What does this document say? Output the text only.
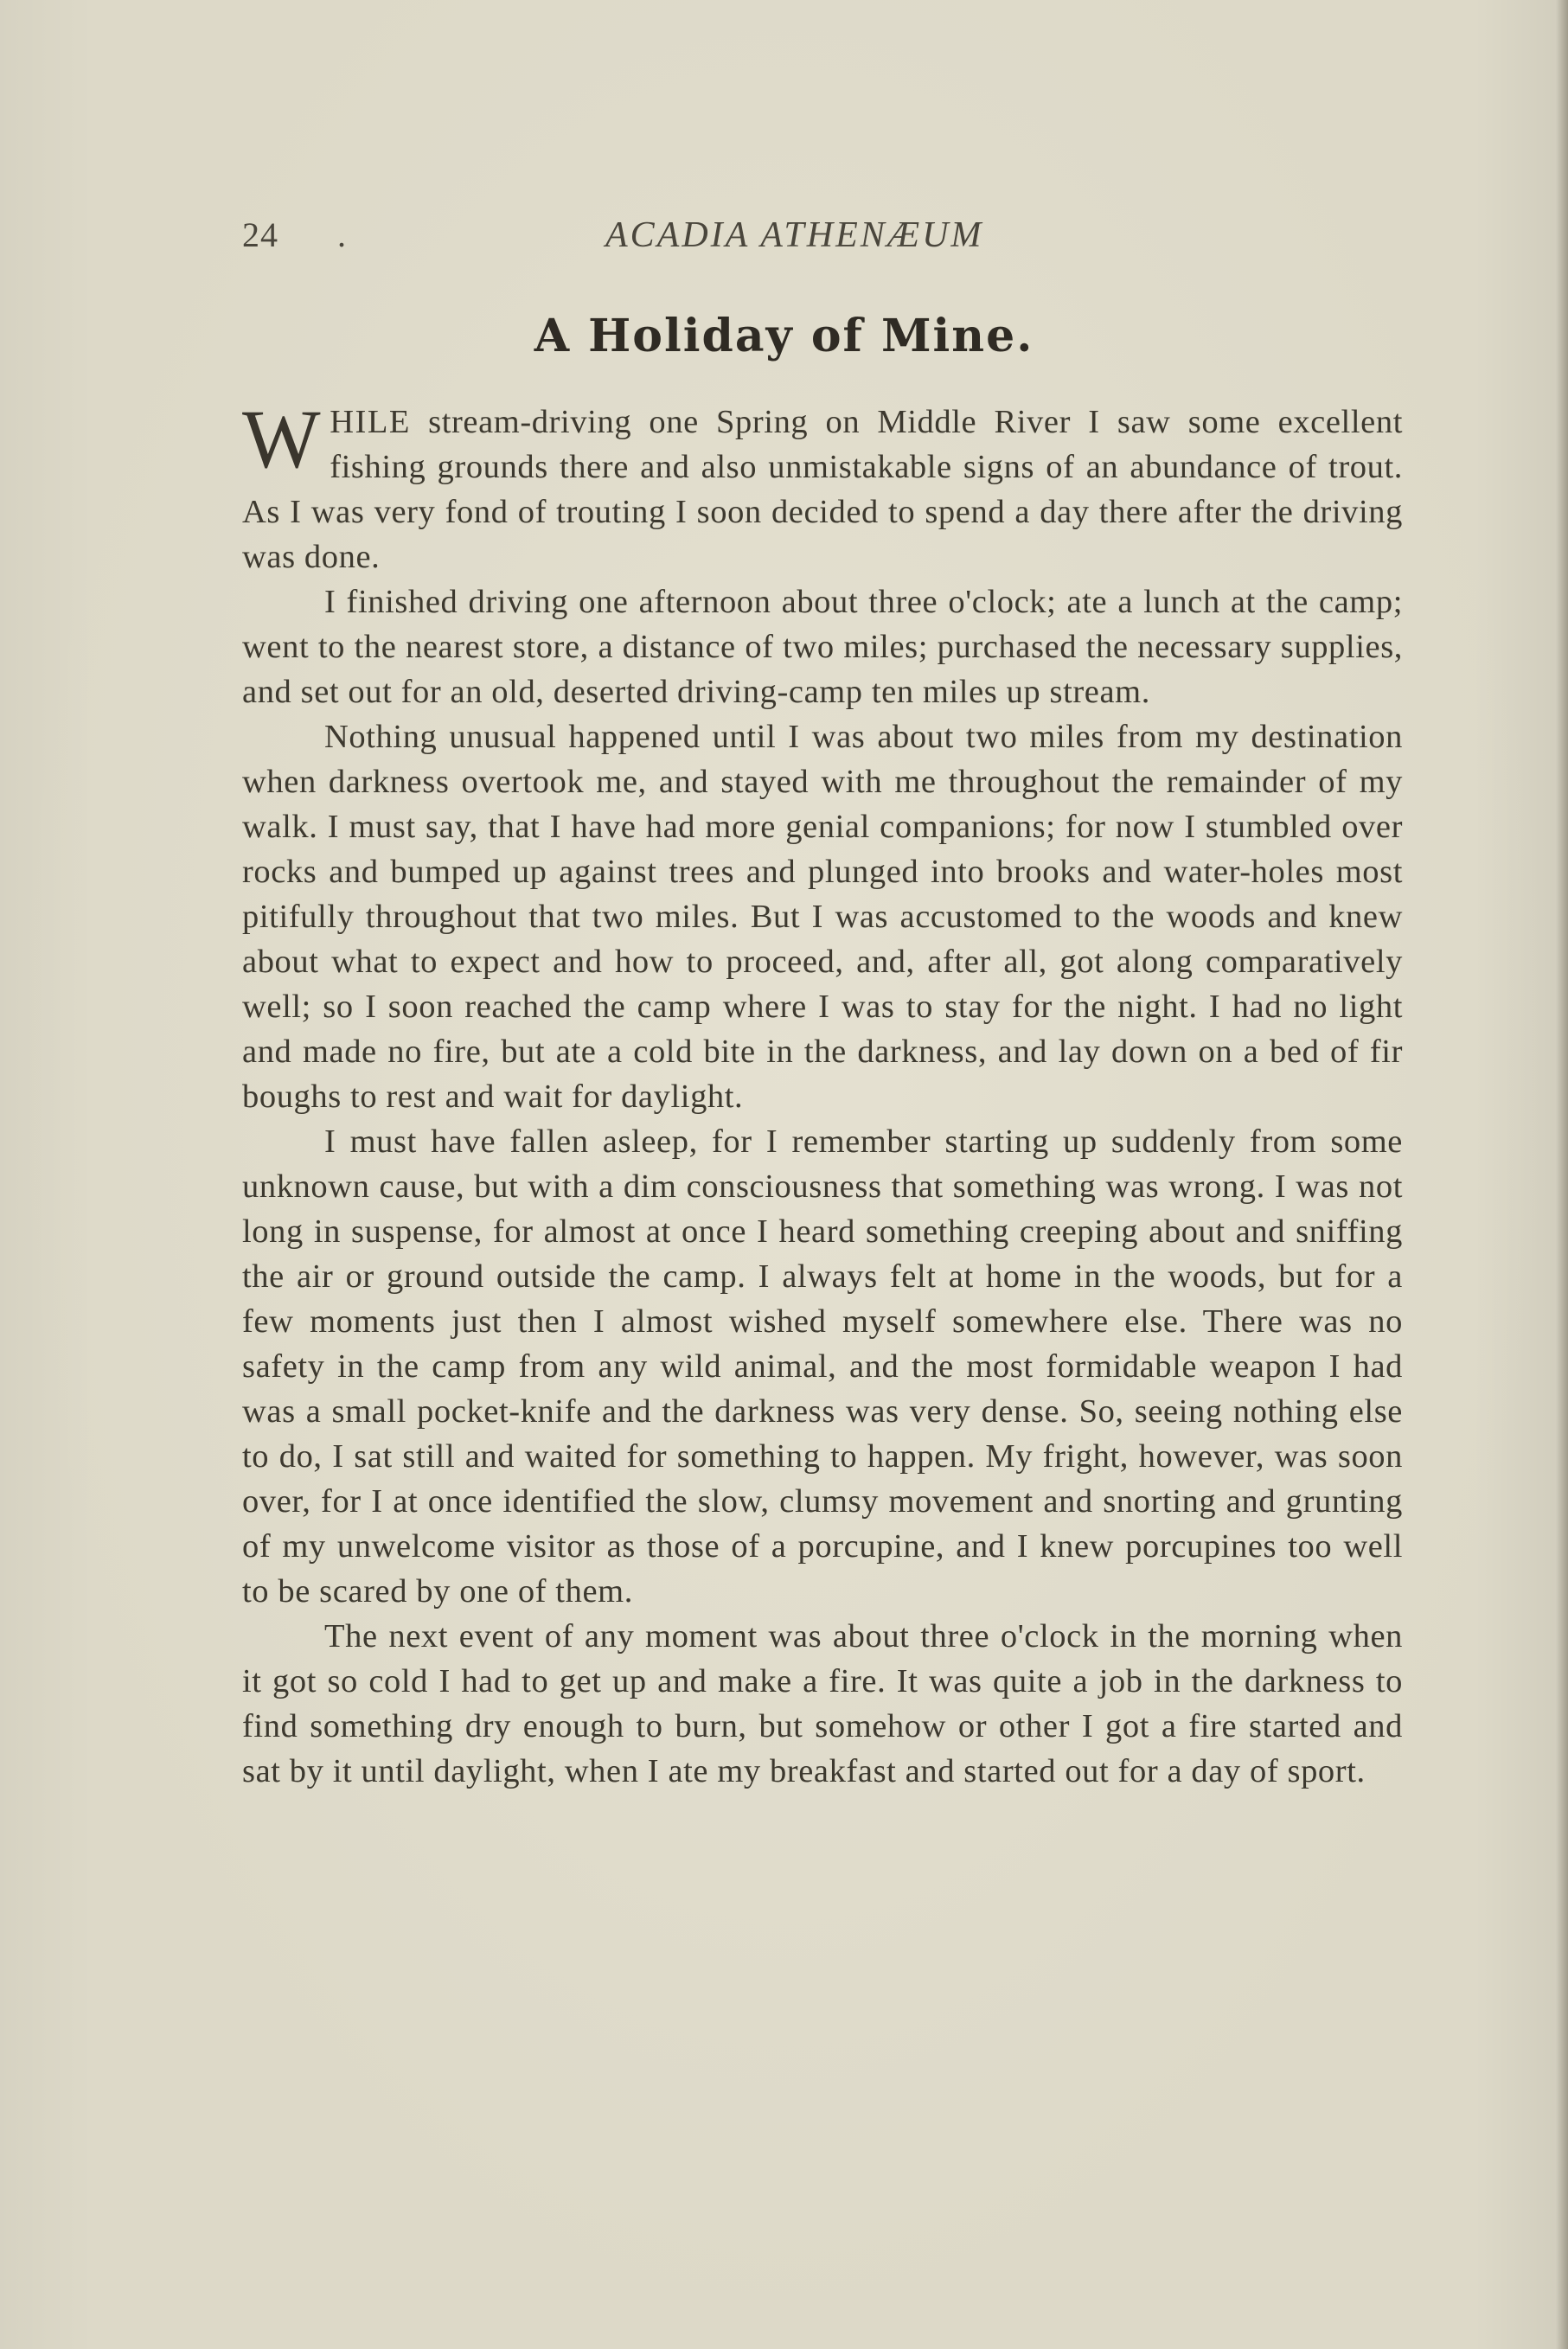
24 .	ACADIA ATHENÆUM
A Holiday of Mine.

WHILE stream-driving one Spring on Middle River I saw some excellent fishing grounds there and also unmistakable signs of an abundance of trout. As I was very fond of trouting I soon decided to spend a day there after the driving was done.

I finished driving one afternoon about three o'clock; ate a lunch at the camp; went to the nearest store, a distance of two miles; purchased the necessary supplies, and set out for an old, deserted driving-camp ten miles up stream.

Nothing unusual happened until I was about two miles from my destination when darkness overtook me, and stayed with me throughout the remainder of my walk. I must say, that I have had more genial companions; for now I stumbled over rocks and bumped up against trees and plunged into brooks and water-holes most pitifully throughout that two miles. But I was accustomed to the woods and knew about what to expect and how to proceed, and, after all, got along comparatively well; so I soon reached the camp where I was to stay for the night. I had no light and made no fire, but ate a cold bite in the darkness, and lay down on a bed of fir boughs to rest and wait for daylight.

I must have fallen asleep, for I remember starting up suddenly from some unknown cause, but with a dim consciousness that something was wrong. I was not long in suspense, for almost at once I heard something creeping about and sniffing the air or ground outside the camp. I always felt at home in the woods, but for a few moments just then I almost wished myself somewhere else. There was no safety in the camp from any wild animal, and the most formidable weapon I had was a small pocket-knife and the darkness was very dense. So, seeing nothing else to do, I sat still and waited for something to happen. My fright, however, was soon over, for I at once identified the slow, clumsy movement and snorting and grunting of my unwelcome visitor as those of a porcupine, and I knew porcupines too well to be scared by one of them.

The next event of any moment was about three o'clock in the morning when it got so cold I had to get up and make a fire. It was quite a job in the darkness to find something dry enough to burn, but somehow or other I got a fire started and sat by it until daylight, when I ate my breakfast and started out for a day of sport.
